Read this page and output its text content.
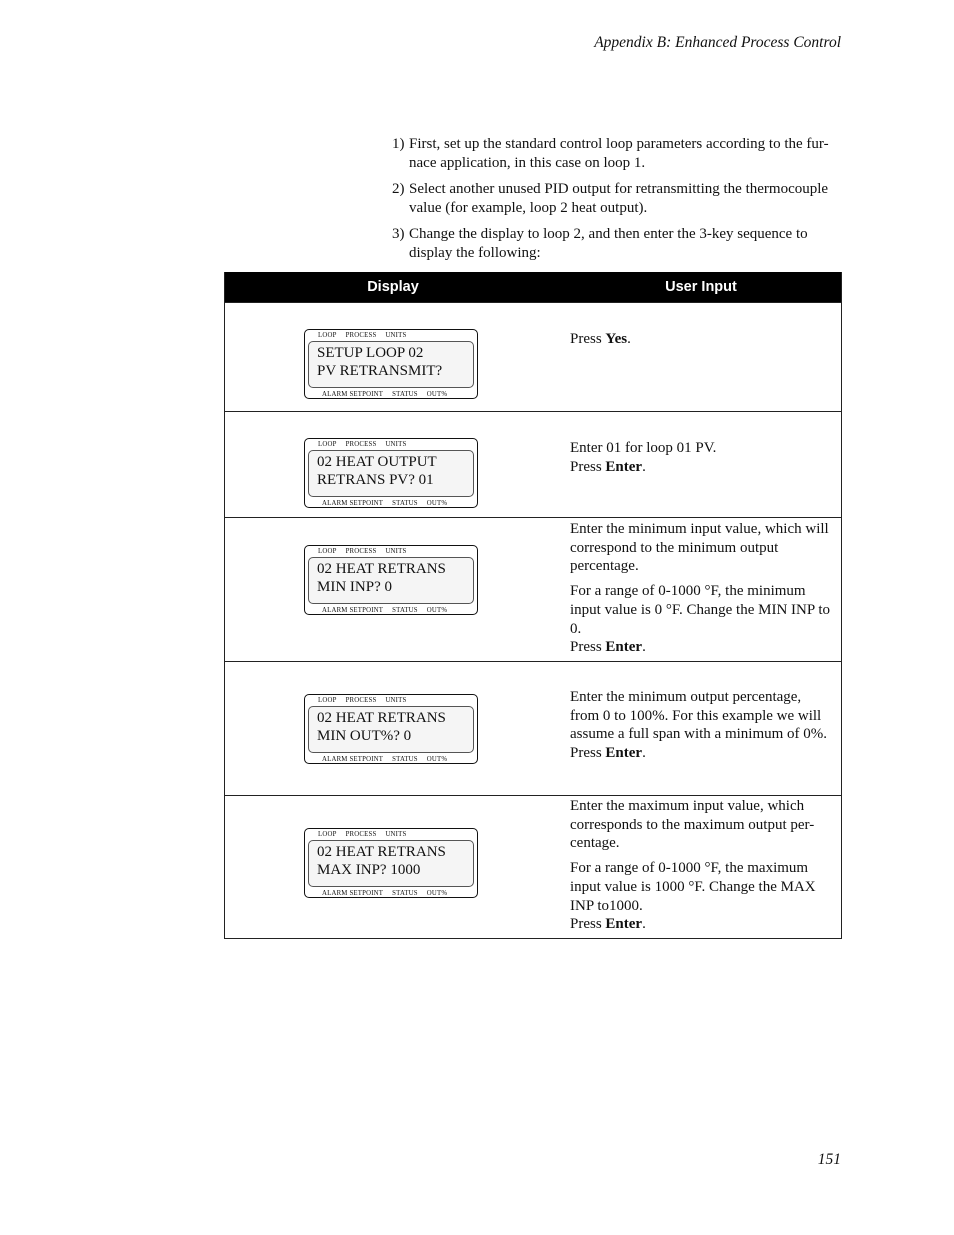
Appendix B: Enhanced Process Control
1) First, set up the standard control loop parameters according to the fur-nace application, in this case on loop 1.
2) Select another unused PID output for retransmitting the thermocouple value (for example, loop 2 heat output).
3) Change the display to loop 2, and then enter the 3-key sequence to display the following:
Display	User Input
LOOP PROCESS UNITS
SETUP LOOP 02
PV RETRANSMIT?
ALARM SETPOINT STATUS OUT%

Press Yes.

LOOP PROCESS UNITS
02 HEAT OUTPUT
RETRANS PV? 01
ALARM SETPOINT STATUS OUT%

Enter 01 for loop 01 PV.
Press Enter.

LOOP PROCESS UNITS
02 HEAT RETRANS
MIN INP? 0
ALARM SETPOINT STATUS OUT%

Enter the minimum input value, which will correspond to the minimum output percentage.

For a range of 0-1000 °F, the minimum input value is 0 °F. Change the MIN INP to 0.
Press Enter.

LOOP PROCESS UNITS
02 HEAT RETRANS
MIN OUT%? 0
ALARM SETPOINT STATUS OUT%

Enter the minimum output percentage, from 0 to 100%. For this example we will assume a full span with a minimum of 0%.
Press Enter.

LOOP PROCESS UNITS
02 HEAT RETRANS
MAX INP? 1000
ALARM SETPOINT STATUS OUT%

Enter the maximum input value, which corresponds to the maximum output per-centage.

For a range of 0-1000 °F, the maximum input value is 1000 °F. Change the MAX INP to1000.
Press Enter.

151
